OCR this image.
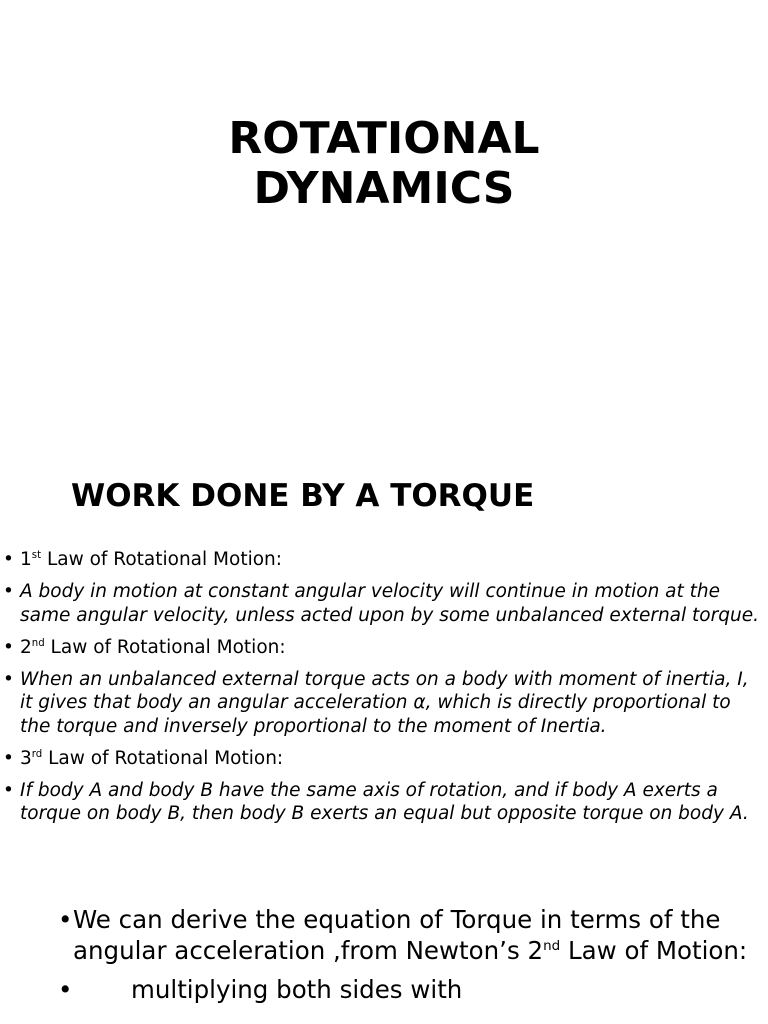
ROTATIONAL
DYNAMICS
WORK DONE BY A TORQUE
• 1st Law of Rotational Motion:
• A body in motion at constant angular velocity will continue in motion at the same angular velocity, unless acted upon by some unbalanced external torque.
• 2nd Law of Rotational Motion:
• When an unbalanced external torque acts on a body with moment of inertia, I, it gives that body an angular acceleration α, which is directly proportional to the torque and inversely proportional to the moment of Inertia.
• 3rd Law of Rotational Motion:
• If body A and body B have the same axis of rotation, and if body A exerts a torque on body B, then body B exerts an equal but opposite torque on body A.
• We can derive the equation of Torque in terms of the angular acceleration ,from Newton’s 2nd Law of Motion:
• multiplying both sides with
